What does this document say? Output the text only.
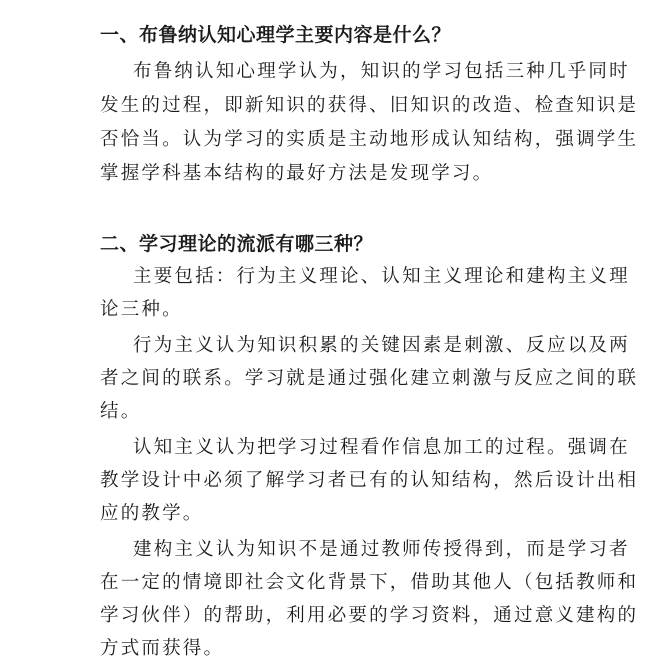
一、布鲁纳认知心理学主要内容是什么？
布鲁纳认知心理学认为，知识的学习包括三种几乎同时
发生的过程，即新知识的获得、旧知识的改造、检查知识是
否恰当。认为学习的实质是主动地形成认知结构，强调学生
掌握学科基本结构的最好方法是发现学习。
二、学习理论的流派有哪三种？
主要包括：行为主义理论、认知主义理论和建构主义理
论三种。
行为主义认为知识积累的关键因素是刺激、反应以及两
者之间的联系。学习就是通过强化建立刺激与反应之间的联
结。
认知主义认为把学习过程看作信息加工的过程。强调在
教学设计中必须了解学习者已有的认知结构，然后设计出相
应的教学。
建构主义认为知识不是通过教师传授得到，而是学习者
在一定的情境即社会文化背景下，借助其他人（包括教师和
学习伙伴）的帮助，利用必要的学习资料，通过意义建构的
方式而获得。
